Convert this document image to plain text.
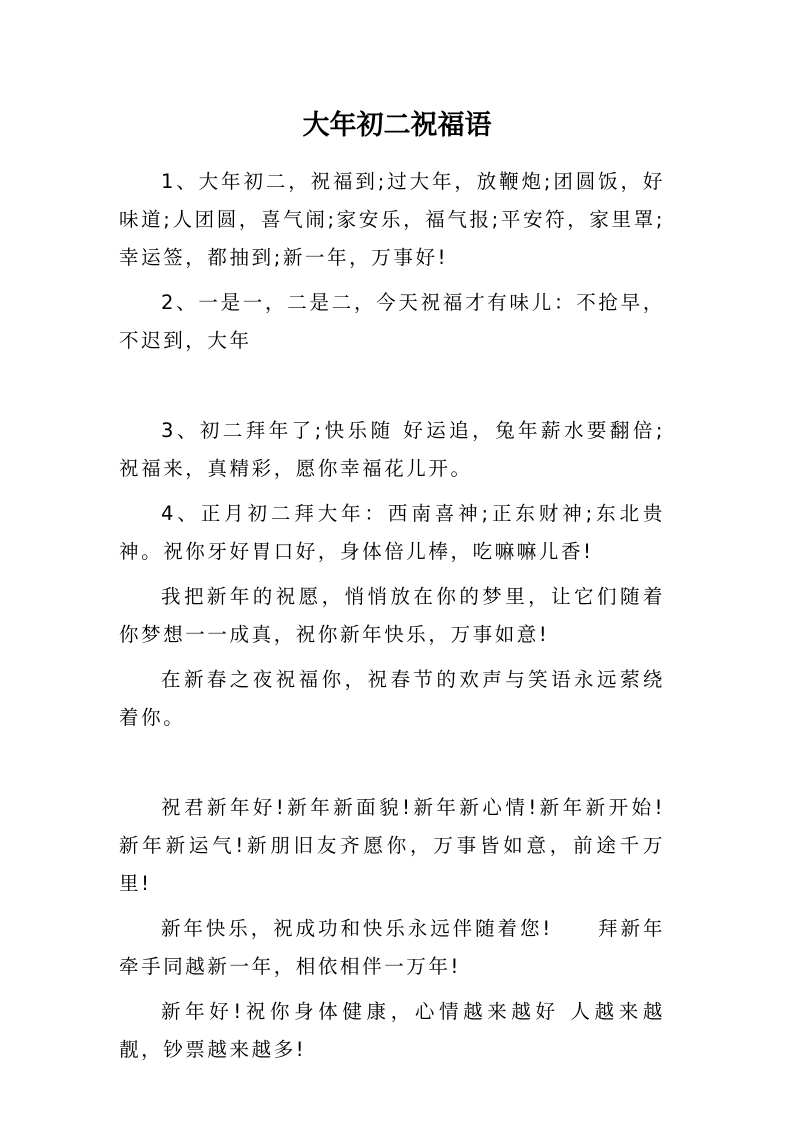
大年初二祝福语

1、大年初二，祝福到;过大年，放鞭炮;团圆饭，好味道;人团圆，喜气闹;家安乐，福气报;平安符，家里罩;幸运签，都抽到;新一年，万事好!

2、一是一，二是二，今天祝福才有味儿：不抢早，不迟到，大年

3、初二拜年了;快乐随 好运追，兔年薪水要翻倍;祝福来，真精彩，愿你幸福花儿开。

4、正月初二拜大年：西南喜神;正东财神;东北贵神。祝你牙好胃口好，身体倍儿棒，吃嘛嘛儿香!

我把新年的祝愿，悄悄放在你的梦里，让它们随着你梦想一一成真，祝你新年快乐，万事如意!

在新春之夜祝福你，祝春节的欢声与笑语永远萦绕着你。

祝君新年好!新年新面貌!新年新心情!新年新开始!新年新运气!新朋旧友齐愿你，万事皆如意，前途千万里!

新年快乐，祝成功和快乐永远伴随着您!　　拜新年牵手同越新一年，相依相伴一万年!

新年好!祝你身体健康，心情越来越好 人越来越靓，钞票越来越多!
